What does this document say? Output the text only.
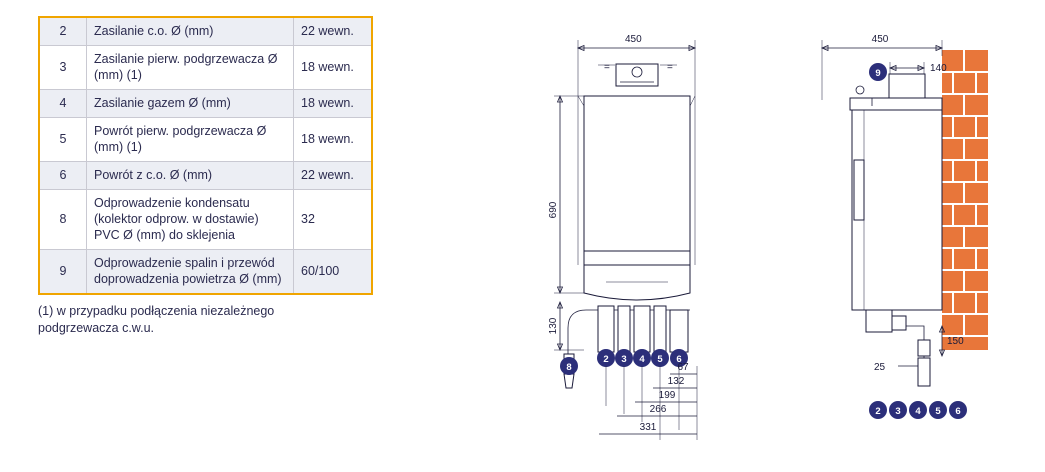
2	Zasilanie c.o. Ø (mm)	22 wewn.
3	Zasilanie pierw. podgrzewacza Ø (mm) (1)	18 wewn.
4	Zasilanie gazem Ø (mm)	18 wewn.
5	Powrót pierw. podgrzewacza Ø (mm) (1)	18 wewn.
6	Powrót z c.o. Ø (mm)	22 wewn.
8	Odprowadzenie kondensatu (kolektor odprow. w dostawie) PVC Ø (mm) do sklejenia	32
9	Odprowadzenie spalin i przewód doprowadzenia powietrza Ø (mm)	60/100
(1) w przypadku podłączenia niezależnego podgrzewacza c.w.u.
450
=	=
690
130
8
2 3 4 5 6
67
132
199
266
331
450
140
9
150
25
2 3 4 5 6
